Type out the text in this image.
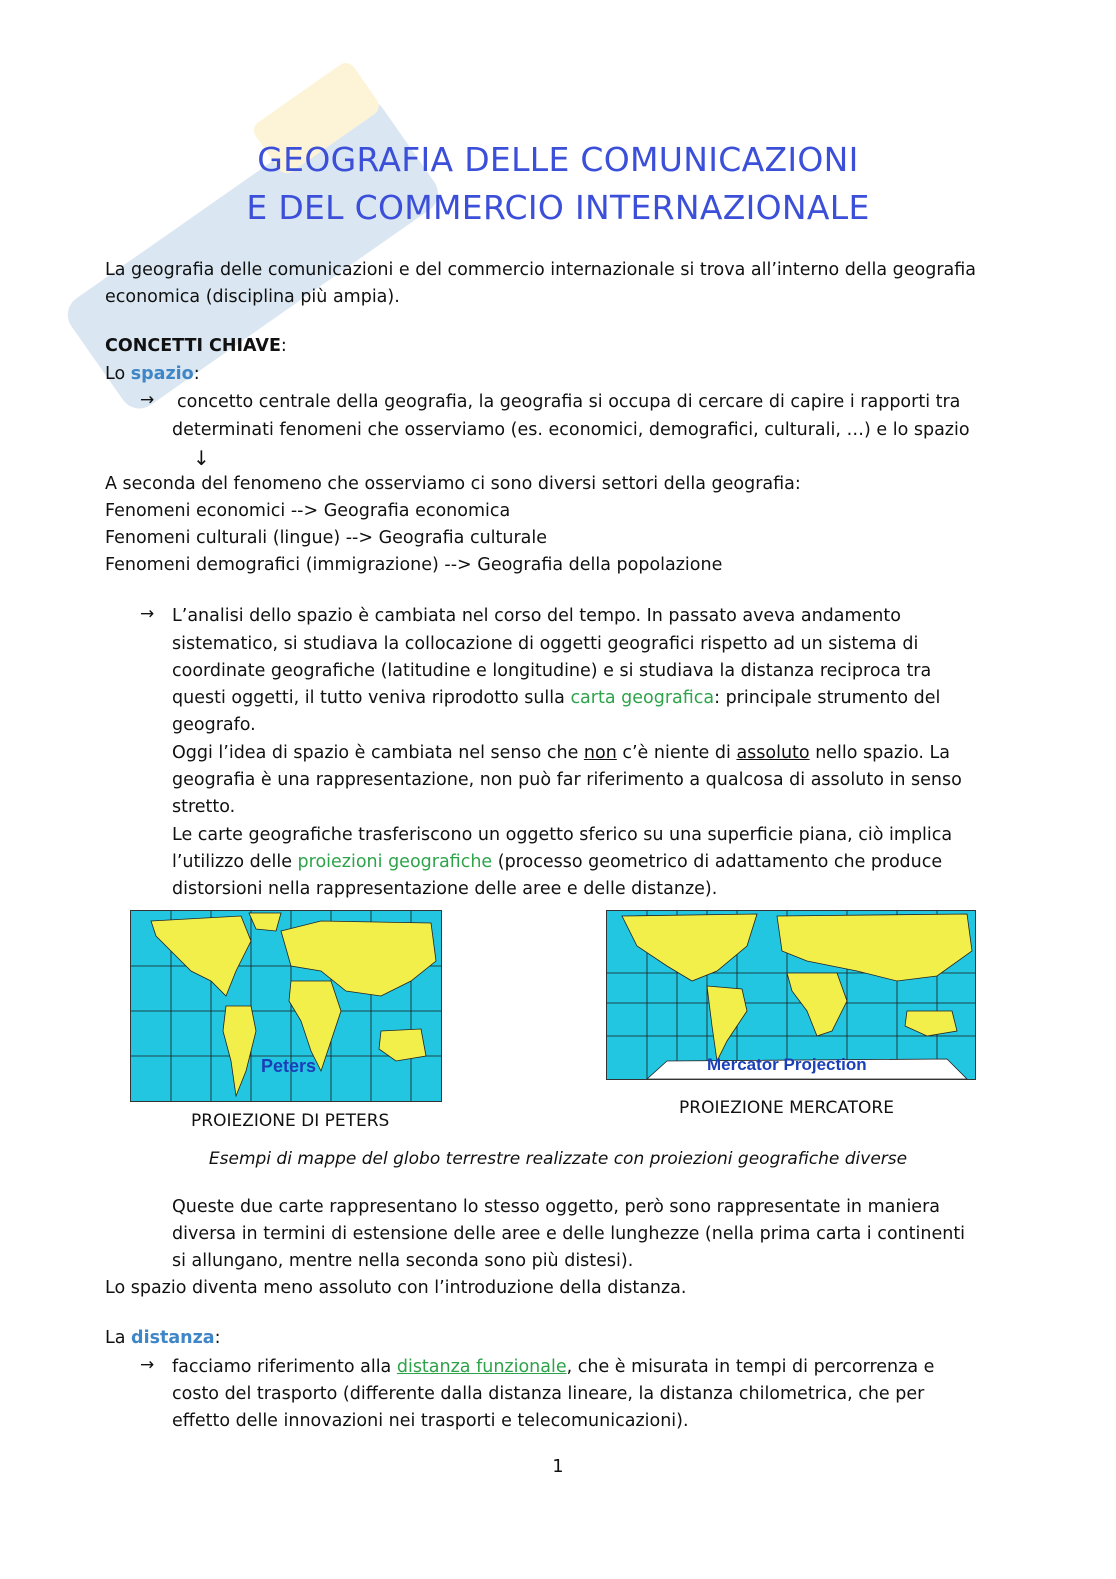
GEOGRAFIA DELLE COMUNICAZIONI
E DEL COMMERCIO INTERNAZIONALE
La geografia delle comunicazioni e del commercio internazionale si trova all’interno della geografia
economica (disciplina più ampia).
CONCETTI CHIAVE:
Lo spazio:
→ concetto centrale della geografia, la geografia si occupa di cercare di capire i rapporti tra
determinati fenomeni che osserviamo (es. economici, demografici, culturali, …) e lo spazio
↓
A seconda del fenomeno che osserviamo ci sono diversi settori della geografia:
Fenomeni economici --> Geografia economica
Fenomeni culturali (lingue) --> Geografia culturale
Fenomeni demografici (immigrazione) --> Geografia della popolazione
→ L’analisi dello spazio è cambiata nel corso del tempo. In passato aveva andamento
sistematico, si studiava la collocazione di oggetti geografici rispetto ad un sistema di
coordinate geografiche (latitudine e longitudine) e si studiava la distanza reciproca tra
questi oggetti, il tutto veniva riprodotto sulla carta geografica: principale strumento del
geografo.
Oggi l’idea di spazio è cambiata nel senso che non c’è niente di assoluto nello spazio. La
geografia è una rappresentazione, non può far riferimento a qualcosa di assoluto in senso
stretto.
Le carte geografiche trasferiscono un oggetto sferico su una superficie piana, ciò implica
l’utilizzo delle proiezioni geografiche (processo geometrico di adattamento che produce
distorsioni nella rappresentazione delle aree e delle distanze).
Peters
PROIEZIONE DI PETERS
Mercator Projection
PROIEZIONE MERCATORE
Esempi di mappe del globo terrestre realizzate con proiezioni geografiche diverse
Queste due carte rappresentano lo stesso oggetto, però sono rappresentate in maniera
diversa in termini di estensione delle aree e delle lunghezze (nella prima carta i continenti
si allungano, mentre nella seconda sono più distesi).
Lo spazio diventa meno assoluto con l’introduzione della distanza.
La distanza:
→ facciamo riferimento alla distanza funzionale, che è misurata in tempi di percorrenza e
costo del trasporto (differente dalla distanza lineare, la distanza chilometrica, che per
effetto delle innovazioni nei trasporti e telecomunicazioni).
1
